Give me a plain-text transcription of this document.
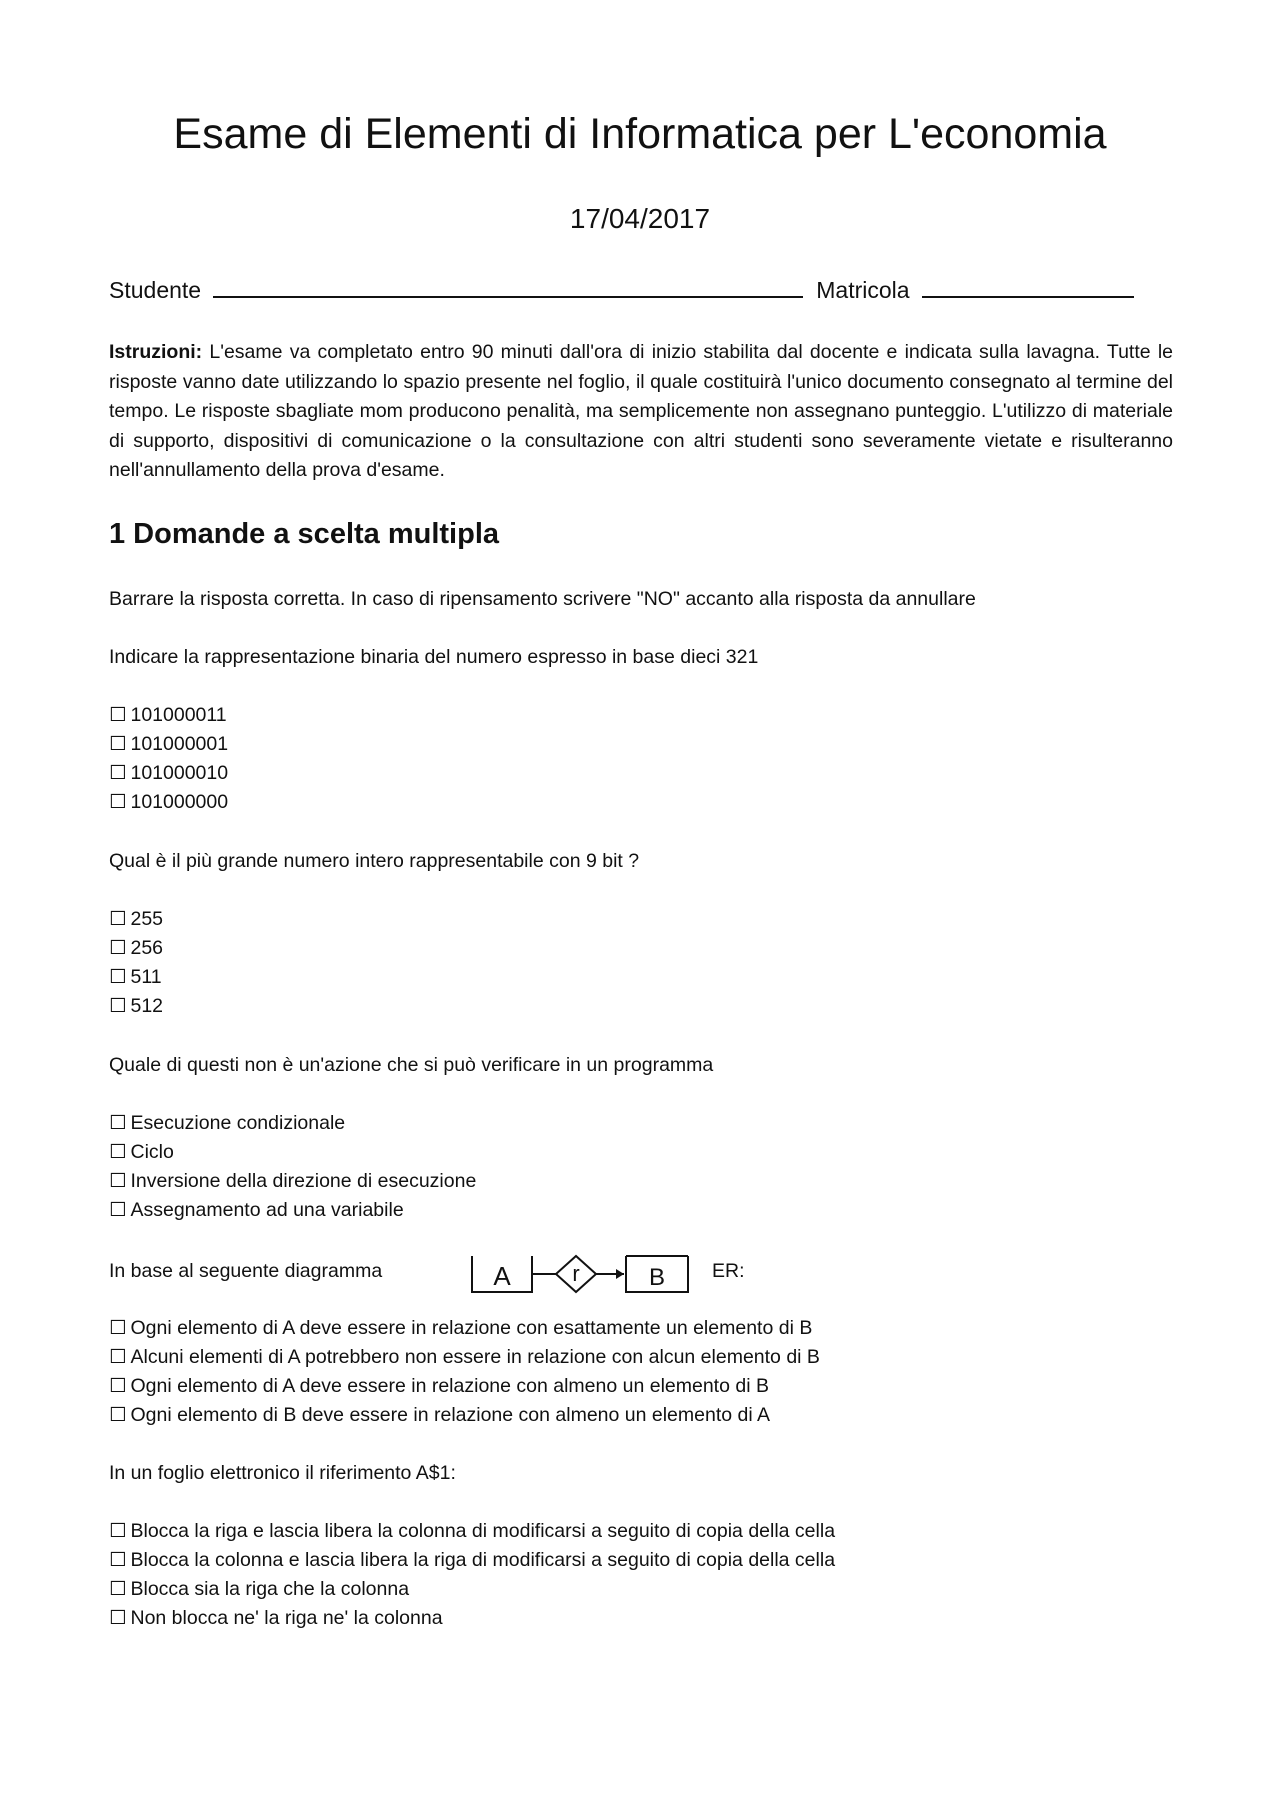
Esame di Elementi di Informatica per L'economia
17/04/2017
Studente	Matricola
Istruzioni: L'esame va completato entro 90 minuti dall'ora di inizio stabilita dal docente e indicata sulla lavagna. Tutte le risposte vanno date utilizzando lo spazio presente nel foglio, il quale costituirà l'unico documento consegnato al termine del tempo. Le risposte sbagliate mom producono penalità, ma semplicemente non assegnano punteggio. L'utilizzo di materiale di supporto, dispositivi di comunicazione o la consultazione con altri studenti sono severamente vietate e risulteranno nell'annullamento della prova d'esame.
1 Domande a scelta multipla
Barrare la risposta corretta. In caso di ripensamento scrivere "NO" accanto alla risposta da annullare
Indicare la rappresentazione binaria del numero espresso in base dieci 321
☐ 101000011
☐ 101000001
☐ 101000010
☐ 101000000
Qual è il più grande numero intero rappresentabile con 9 bit ?
☐ 255
☐ 256
☐ 511
☐ 512
Quale di questi non è un'azione che si può verificare in un programma
☐ Esecuzione condizionale
☐ Ciclo
☐ Inversione della direzione di esecuzione
☐ Assegnamento ad una variabile
In base al seguente diagramma	A	r	B ER:
☐ Ogni elemento di A deve essere in relazione con esattamente un elemento di B
☐ Alcuni elementi di A potrebbero non essere in relazione con alcun elemento di B
☐ Ogni elemento di A deve essere in relazione con almeno un elemento di B
☐ Ogni elemento di B deve essere in relazione con almeno un elemento di A
In un foglio elettronico il riferimento A$1:
☐ Blocca la riga e lascia libera la colonna di modificarsi a seguito di copia della cella
☐ Blocca la colonna e lascia libera la riga di modificarsi a seguito di copia della cella
☐ Blocca sia la riga che la colonna
☐ Non blocca ne' la riga ne' la colonna
